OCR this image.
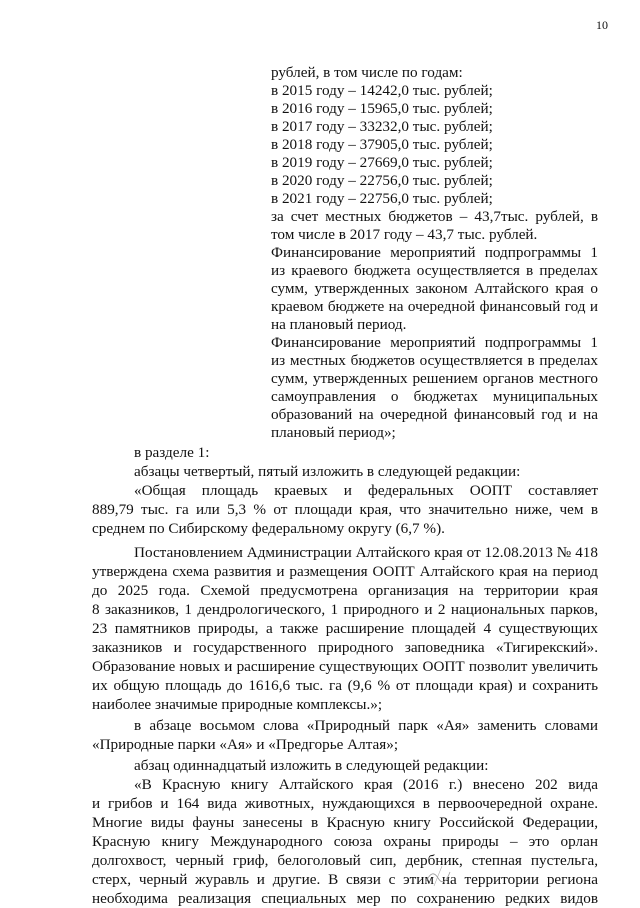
10
рублей, в том числе по годам:
в 2015 году – 14242,0 тыс. рублей;
в 2016 году – 15965,0 тыс. рублей;
в 2017 году – 33232,0 тыс. рублей;
в 2018 году – 37905,0 тыс. рублей;
в 2019 году – 27669,0 тыс. рублей;
в 2020 году – 22756,0 тыс. рублей;
в 2021 году – 22756,0 тыс. рублей;
за счет местных бюджетов – 43,7тыс. рублей, в
том числе в 2017 году – 43,7 тыс. рублей.
Финансирование мероприятий подпрограммы 1
из краевого бюджета осуществляется в пределах
сумм, утвержденных законом Алтайского края о
краевом бюджете на очередной финансовый год и
на плановый период.
Финансирование мероприятий подпрограммы 1
из местных бюджетов осуществляется в пределах
сумм, утвержденных решением органов местного
самоуправления о бюджетах муниципальных
образований на очередной финансовый год и на
плановый период»;
в разделе 1:
абзацы четвертый, пятый изложить в следующей редакции:
«Общая площадь краевых и федеральных ООПТ составляет
889,79 тыс. га или 5,3 % от площади края, что значительно ниже, чем в
среднем по Сибирскому федеральному округу (6,7 %).
Постановлением Администрации Алтайского края от 12.08.2013 № 418
утверждена схема развития и размещения ООПТ Алтайского края на период
до 2025 года. Схемой предусмотрена организация на территории края
8 заказников, 1 дендрологического, 1 природного и 2 национальных парков,
23 памятников природы, а также расширение площадей 4 существующих
заказников и государственного природного заповедника «Тигирекский».
Образование новых и расширение существующих ООПТ позволит увеличить
их общую площадь до 1616,6 тыс. га (9,6 % от площади края) и сохранить
наиболее значимые природные комплексы.»;
в абзаце восьмом слова «Природный парк «Ая» заменить словами
«Природные парки «Ая» и «Предгорье Алтая»;
абзац одиннадцатый изложить в следующей редакции:
«В Красную книгу Алтайского края (2016 г.) внесено 202 вида
и грибов и 164 вида животных, нуждающихся в первоочередной охране.
Многие виды фауны занесены в Красную книгу Российской Федерации,
Красную книгу Международного союза охраны природы – это орлан
долгохвост, черный гриф, белоголовый сип, дербник, степная пустельга,
стерх, черный журавль и другие. В связи с этим на территории региона
необходима реализация специальных мер по сохранению редких видов
